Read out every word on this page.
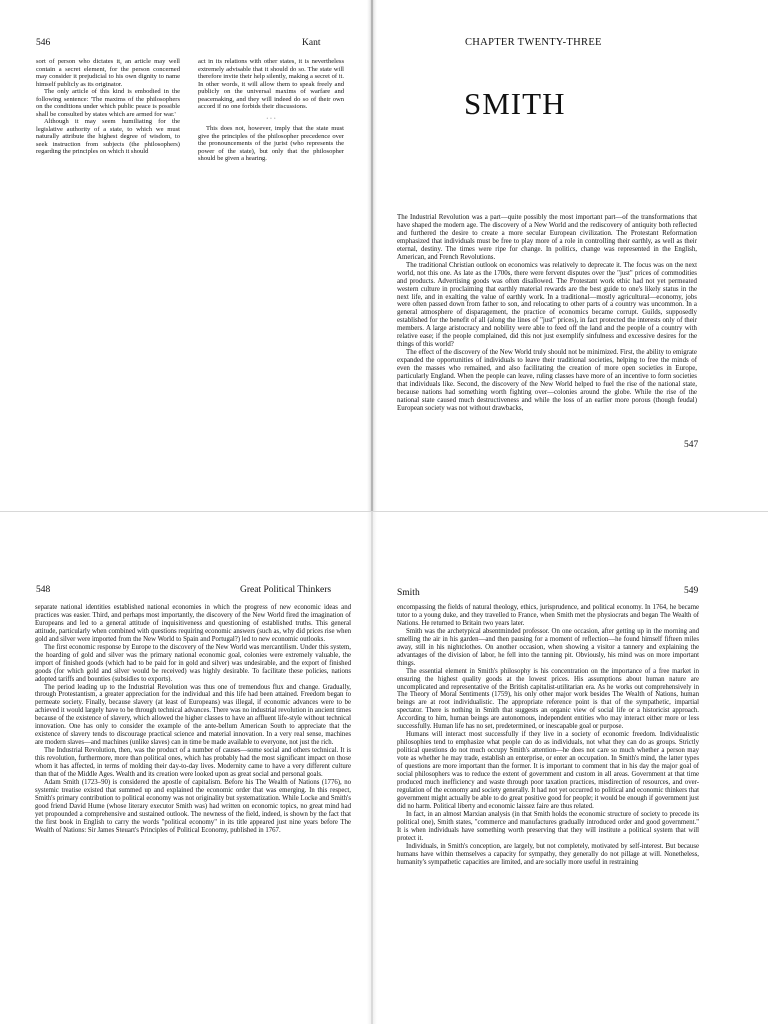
546	Kant

sort of person who dictates it, an article may well contain a secret element, for the person concerned may consider it prejudicial to his own dignity to name himself publicly as its originator.

The only article of this kind is embodied in the following sentence: 'The maxims of the philosophers on the conditions under which public peace is possible shall be consulted by states which are armed for war.'

Although it may seem humiliating for the legislative authority of a state, to which we must naturally attribute the highest degree of wisdom, to seek instruction from subjects (the philosophers) regarding the principles on which it should

act in its relations with other states, it is nevertheless extremely advisable that it should do so. The state will therefore invite their help silently, making a secret of it. In other words, it will allow them to speak freely and publicly on the universal maxims of warfare and peacemaking, and they will indeed do so of their own accord if no one forbids their discussions.

· · ·

This does not, however, imply that the state must give the principles of the philosopher precedence over the pronouncements of the jurist (who represents the power of the state), but only that the philosopher should be given a hearing.

CHAPTER TWENTY-THREE
SMITH

The Industrial Revolution was a part—quite possibly the most important part—of the transformations that have shaped the modern age. The discovery of a New World and the rediscovery of antiquity both reflected and furthered the desire to create a more secular European civilization. The Protestant Reformation emphasized that individuals must be free to play more of a role in controlling their earthly, as well as their eternal, destiny. The times were ripe for change. In politics, change was represented in the English, American, and French Revolutions.

The traditional Christian outlook on economics was relatively to deprecate it. The focus was on the next world, not this one. As late as the 1700s, there were fervent disputes over the "just" prices of commodities and products. Advertising goods was often disallowed. The Protestant work ethic had not yet permeated western culture in proclaiming that earthly material rewards are the best guide to one's likely status in the next life, and in exalting the value of earthly work. In a traditional—mostly agricultural—economy, jobs were often passed down from father to son, and relocating to other parts of a country was uncommon. In a general atmosphere of disparagement, the practice of economics became corrupt. Guilds, supposedly established for the benefit of all (along the lines of "just" prices), in fact protected the interests only of their members. A large aristocracy and nobility were able to feed off the land and the people of a country with relative ease; if the people complained, did this not just exemplify sinfulness and excessive desires for the things of this world?

The effect of the discovery of the New World truly should not be minimized. First, the ability to emigrate expanded the opportunities of individuals to leave their traditional societies, helping to free the minds of even the masses who remained, and also facilitating the creation of more open societies in Europe, particularly England. When the people can leave, ruling classes have more of an incentive to form societies that individuals like. Second, the discovery of the New World helped to fuel the rise of the national state, because nations had something worth fighting over—colonies around the globe. While the rise of the national state caused much destructiveness and while the loss of an earlier more porous (though feudal) European society was not without drawbacks,

547
548	Great Political Thinkers

separate national identities established national economies in which the progress of new economic ideas and practices was easier. Third, and perhaps most importantly, the discovery of the New World fired the imagination of Europeans and led to a general attitude of inquisitiveness and questioning of established truths. This general attitude, particularly when combined with questions requiring economic answers (such as, why did prices rise when gold and silver were imported from the New World to Spain and Portugal?) led to new economic outlooks.

The first economic response by Europe to the discovery of the New World was mercantilism. Under this system, the hoarding of gold and silver was the primary national economic goal, colonies were extremely valuable, the import of finished goods (which had to be paid for in gold and silver) was undesirable, and the export of finished goods (for which gold and silver would be received) was highly desirable. To facilitate these policies, nations adopted tariffs and bounties (subsidies to exports).

The period leading up to the Industrial Revolution was thus one of tremendous flux and change. Gradually, through Protestantism, a greater appreciation for the individual and this life had been attained. Freedom began to permeate society. Finally, because slavery (at least of Europeans) was illegal, if economic advances were to be achieved it would largely have to be through technical advances. There was no industrial revolution in ancient times because of the existence of slavery, which allowed the higher classes to have an affluent life-style without technical innovation. One has only to consider the example of the ante-bellum American South to appreciate that the existence of slavery tends to discourage practical science and material innovation. In a very real sense, machines are modern slaves—and machines (unlike slaves) can in time be made available to everyone, not just the rich.

The Industrial Revolution, then, was the product of a number of causes—some social and others technical. It is this revolution, furthermore, more than political ones, which has probably had the most significant impact on those whom it has affected, in terms of molding their day-to-day lives. Modernity came to have a very different culture than that of the Middle Ages. Wealth and its creation were looked upon as great social and personal goals.

Adam Smith (1723–90) is considered the apostle of capitalism. Before his The Wealth of Nations (1776), no systemic treatise existed that summed up and explained the economic order that was emerging. In this respect, Smith's primary contribution to political economy was not originality but systematization. While Locke and Smith's good friend David Hume (whose literary executor Smith was) had written on economic topics, no great mind had yet propounded a comprehensive and sustained outlook. The newness of the field, indeed, is shown by the fact that the first book in English to carry the words "political economy" in its title appeared just nine years before The Wealth of Nations: Sir James Steuart's Principles of Political Economy, published in 1767.

Smith	549

encompassing the fields of natural theology, ethics, jurisprudence, and political economy. In 1764, he became tutor to a young duke, and they travelled to France, when Smith met the physiocrats and began The Wealth of Nations. He returned to Britain two years later.

Smith was the archetypical absentminded professor. On one occasion, after getting up in the morning and smelling the air in his garden—and then pausing for a moment of reflection—he found himself fifteen miles away, still in his nightclothes. On another occasion, when showing a visitor a tannery and explaining the advantages of the division of labor, he fell into the tanning pit. Obviously, his mind was on more important things.

The essential element in Smith's philosophy is his concentration on the importance of a free market in ensuring the highest quality goods at the lowest prices. His assumptions about human nature are uncomplicated and representative of the British capitalist-utilitarian era. As he works out comprehensively in The Theory of Moral Sentiments (1759), his only other major work besides The Wealth of Nations, human beings are at root individualistic. The appropriate reference point is that of the sympathetic, impartial spectator. There is nothing in Smith that suggests an organic view of social life or a historicist approach. According to him, human beings are autonomous, independent entities who may interact either more or less successfully. Human life has no set, predetermined, or inescapable goal or purpose.

Humans will interact most successfully if they live in a society of economic freedom. Individualistic philosophies tend to emphasize what people can do as individuals, not what they can do as groups. Strictly political questions do not much occupy Smith's attention—he does not care so much whether a person may vote as whether he may trade, establish an enterprise, or enter an occupation. In Smith's mind, the latter types of questions are more important than the former. It is important to comment that in his day the major goal of social philosophers was to reduce the extent of government and custom in all areas. Government at that time produced much inefficiency and waste through poor taxation practices, misdirection of resources, and over-regulation of the economy and society generally. It had not yet occurred to political and economic thinkers that government might actually be able to do great positive good for people; it would be enough if government just did no harm. Political liberty and economic laissez faire are thus related.

In fact, in an almost Marxian analysis (in that Smith holds the economic structure of society to precede its political one), Smith states, "commerce and manufactures gradually introduced order and good government." It is when individuals have something worth preserving that they will institute a political system that will protect it.

Individuals, in Smith's conception, are largely, but not completely, motivated by self-interest. But because humans have within themselves a capacity for sympathy, they generally do not pillage at will. Nonetheless, humanity's sympathetic capacities are limited, and are socially more useful in restraining
